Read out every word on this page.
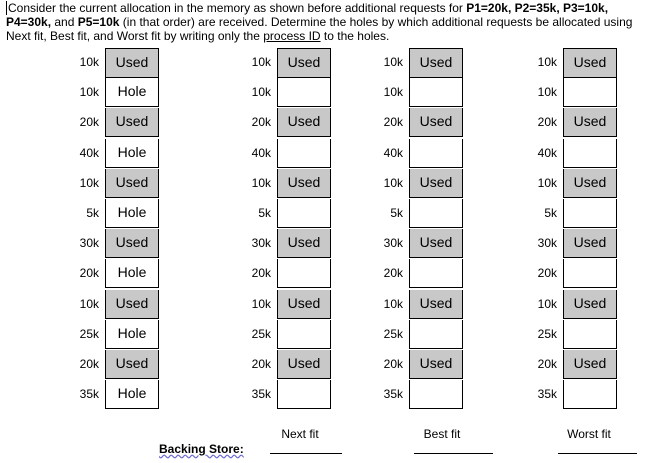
Consider the current allocation in the memory as shown before additional requests for P1=20k, P2=35k, P3=10k,
P4=30k, and P5=10k (in that order) are received. Determine the holes by which additional requests be allocated using
Next fit, Best fit, and Worst fit by writing only the process ID to the holes.
10k	Used
10k	Hole
20k	Used
40k	Hole
10k	Used
5k	Hole
30k	Used
20k	Hole
10k	Used
25k	Hole
20k	Used
35k	Hole
10k	Used
10k
20k	Used
40k
10k	Used
5k
30k	Used
20k
10k	Used
25k
20k	Used
35k
10k	Used
10k
20k	Used
40k
10k	Used
5k
30k	Used
20k
10k	Used
25k
20k	Used
35k
10k	Used
10k
20k	Used
40k
10k	Used
5k
30k	Used
20k
10k	Used
25k
20k	Used
35k
Next fit	Best fit	Worst fit
Backing Store:
